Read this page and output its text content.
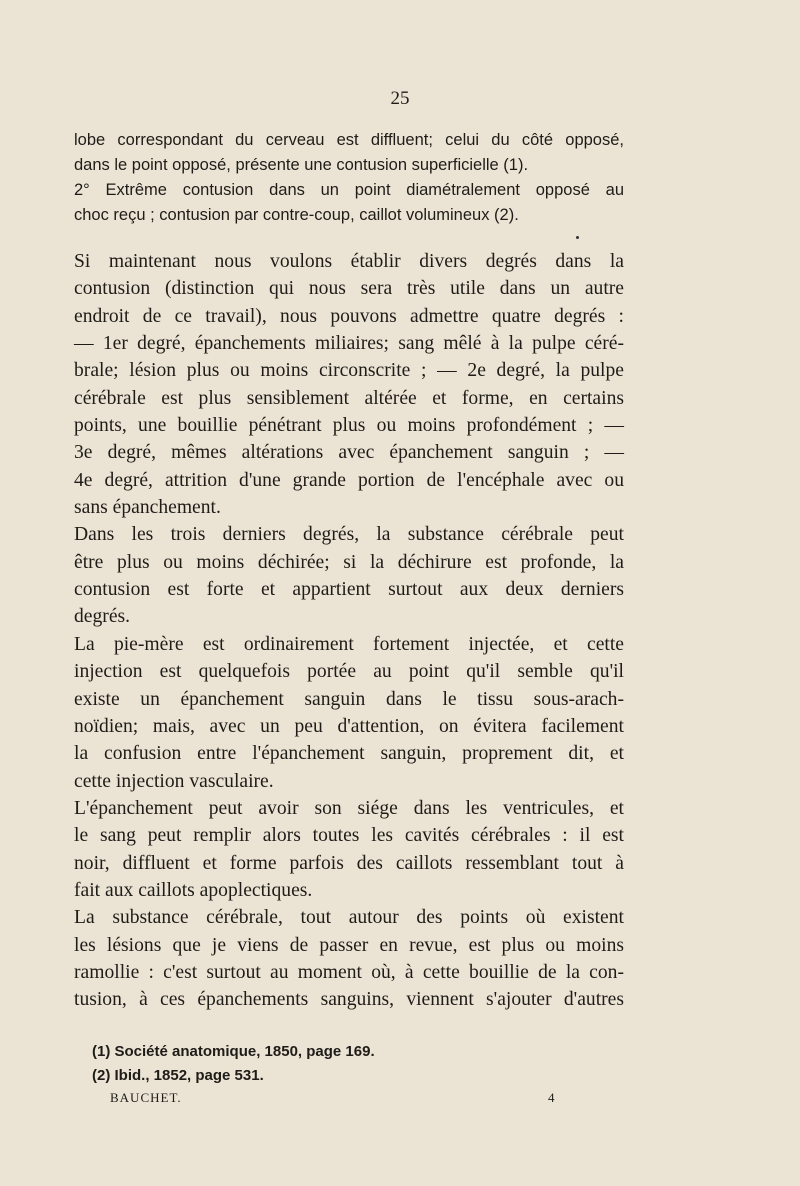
25
lobe correspondant du cerveau est diffluent; celui du côté opposé,
dans le point opposé, présente une contusion superficielle (1).
2° Extrême contusion dans un point diamétralement opposé au
choc reçu ; contusion par contre-coup, caillot volumineux (2).
Si maintenant nous voulons établir divers degrés dans la
contusion (distinction qui nous sera très utile dans un autre
endroit de ce travail), nous pouvons admettre quatre degrés :
— 1er degré, épanchements miliaires; sang mêlé à la pulpe céré-
brale; lésion plus ou moins circonscrite ; — 2e degré, la pulpe
cérébrale est plus sensiblement altérée et forme, en certains
points, une bouillie pénétrant plus ou moins profondément ; —
3e degré, mêmes altérations avec épanchement sanguin ; —
4e degré, attrition d'une grande portion de l'encéphale avec ou
sans épanchement.
Dans les trois derniers degrés, la substance cérébrale peut
être plus ou moins déchirée; si la déchirure est profonde, la
contusion est forte et appartient surtout aux deux derniers
degrés.
La pie-mère est ordinairement fortement injectée, et cette
injection est quelquefois portée au point qu'il semble qu'il
existe un épanchement sanguin dans le tissu sous-arach-
noïdien; mais, avec un peu d'attention, on évitera facilement
la confusion entre l'épanchement sanguin, proprement dit, et
cette injection vasculaire.
L'épanchement peut avoir son siége dans les ventricules, et
le sang peut remplir alors toutes les cavités cérébrales : il est
noir, diffluent et forme parfois des caillots ressemblant tout à
fait aux caillots apoplectiques.
La substance cérébrale, tout autour des points où existent
les lésions que je viens de passer en revue, est plus ou moins
ramollie : c'est surtout au moment où, à cette bouillie de la con-
tusion, à ces épanchements sanguins, viennent s'ajouter d'autres
(1) Société anatomique, 1850, page 169.
(2) Ibid., 1852, page 531.
BAUCHET.	4
